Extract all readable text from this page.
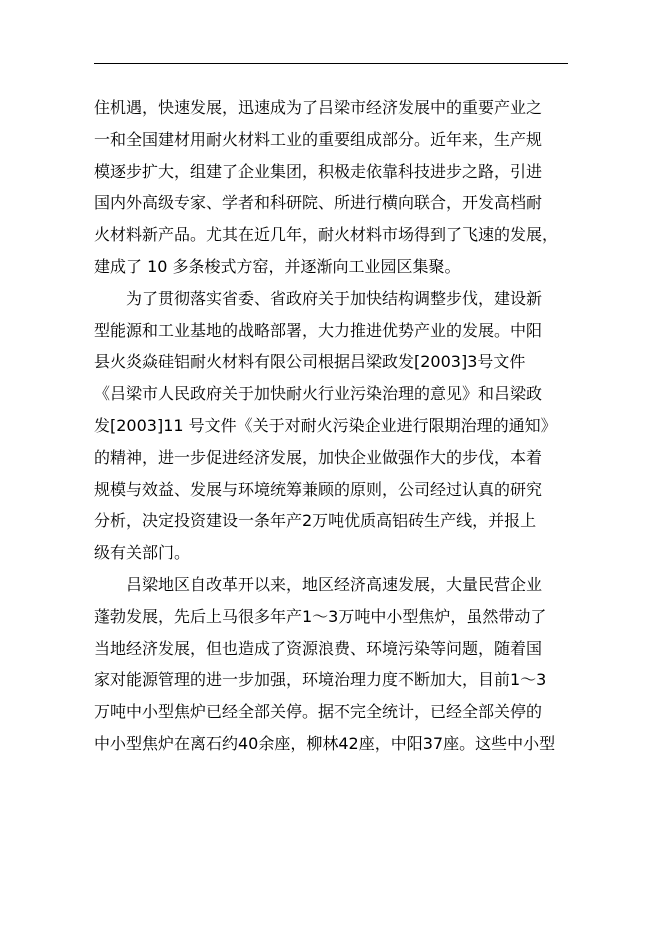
住机遇，快速发展，迅速成为了吕梁市经济发展中的重要产业之
一和全国建材用耐火材料工业的重要组成部分。近年来，生产规
模逐步扩大，组建了企业集团，积极走依靠科技进步之路，引进
国内外高级专家、学者和科研院、所进行横向联合，开发高档耐
火材料新产品。尤其在近几年，耐火材料市场得到了飞速的发展，
建成了 10 多条梭式方窑，并逐渐向工业园区集聚。
为了贯彻落实省委、省政府关于加快结构调整步伐，建设新
型能源和工业基地的战略部署，大力推进优势产业的发展。中阳
县火炎焱硅铝耐火材料有限公司根据吕梁政发[2003]3号文件
《吕梁市人民政府关于加快耐火行业污染治理的意见》和吕梁政
发[2003]11 号文件《关于对耐火污染企业进行限期治理的通知》
的精神，进一步促进经济发展，加快企业做强作大的步伐，本着
规模与效益、发展与环境统筹兼顾的原则，公司经过认真的研究
分析，决定投资建设一条年产2万吨优质高铝砖生产线，并报上
级有关部门。
吕梁地区自改革开以来，地区经济高速发展，大量民营企业
蓬勃发展，先后上马很多年产1～3万吨中小型焦炉，虽然带动了
当地经济发展，但也造成了资源浪费、环境污染等问题，随着国
家对能源管理的进一步加强，环境治理力度不断加大，目前1～3
万吨中小型焦炉已经全部关停。据不完全统计，已经全部关停的
中小型焦炉在离石约40余座，柳林42座，中阳37座。这些中小型
